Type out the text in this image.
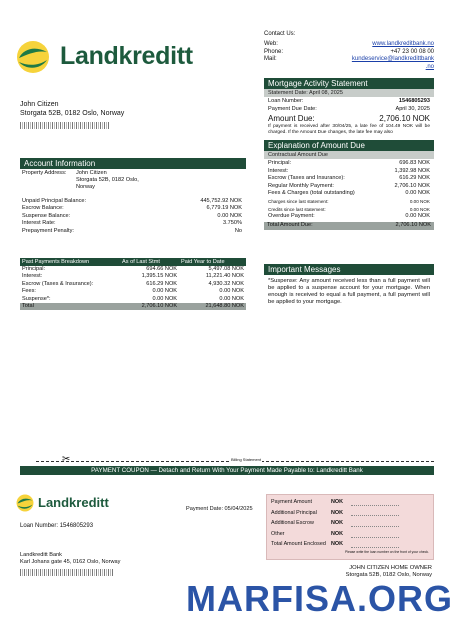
Landkreditt
Contact Us:
Web:	www.landkreditbank.no
Phone:	+47 23 00 08 00
Mail:	kundeservice@landkredittbank
.no
John Citizen
Storgata 52B, 0182 Oslo, Norway
Mortgage Activity Statement
Statement Date: April 08, 2025
Loan Number:	1546805293
Payment Due Date:	April 30, 2025
Amount Due:	2,706.10 NOK
If payment is received after 30/04/25, a late fee of 104.49 NOK will be charged. If the Amount Due changes, the late fee may also
Explanation of Amount Due
Contractual Amount Due
Principal:	696.83 NOK
Interest:	1,392.98 NOK
Escrow (Taxes and Insurance):	616.29 NOK
Regular Monthly Payment:	2,706.10 NOK
Fees & Charges (total outstanding)	0.00 NOK
Charges since last statement:	0.00 NOK
Credits since last statement:	0.00 NOK
Overdue Payment:	0.00 NOK
Total Amount Due:	2,706.10 NOK
Account Information
Property Address:	John Citizen
Storgata 52B, 0182 Oslo,
Norway
Unpaid Principal Balance:	445,752.92 NOK
Escrow Balance:	6,779.19 NOK
Suspense Balance:	0.00 NOK
Interest Rate:	3.750%
Prepayment Penalty:	No
Past Payments Breakdown	As of Last Stmt	Paid Year to Date
Principal:	694.66 NOK	5,497.08 NOK
Interest:	1,395.15 NOK	11,221.40 NOK
Escrow (Taxes & Insurance):	616.29 NOK	4,930.32 NOK
Fees:	0.00 NOK	0.00 NOK
Suspense*:	0.00 NOK	0.00 NOK
Total	2,706.10 NOK	21,648.80 NOK
Important Messages
*Suspense: Any amount received less than a full payment will be applied to a suspense account for your mortgage. When enough is received to equal a full payment, a full payment will be applied to your mortgage.
✂	Billing Statement
PAYMENT COUPON — Detach and Return With Your Payment Made Payable to: Landkreditt Bank
Landkreditt
Loan Number: 1546805293
Payment Date: 05/04/2025
Landkreditt Bank
Karl Johans gate 45, 0162 Oslo, Norway
Payment Amount	NOK
Additional Principal	NOK
Additional Escrow	NOK
Other	NOK
Total Amount Enclosed NOK
Please write the loan number on the front of your check.
JOHN CITIZEN HOME OWNER
Storgata 52B, 0182 Oslo, Norway
MARFISA.ORG
